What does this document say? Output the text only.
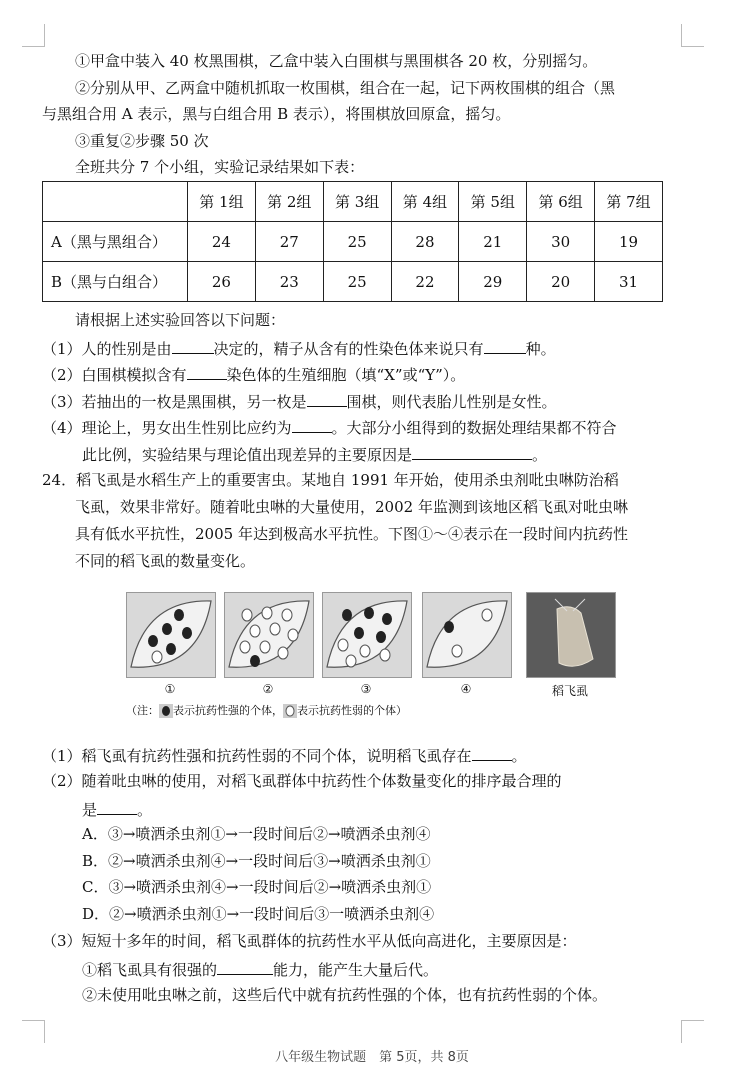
①甲盒中装入 40 枚黑围棋，乙盒中装入白围棋与黑围棋各 20 枚，分别摇匀。
②分别从甲、乙两盒中随机抓取一枚围棋，组合在一起，记下两枚围棋的组合（黑
与黑组合用 A 表示，黑与白组合用 B 表示），将围棋放回原盒，摇匀。
③重复②步骤 50 次
全班共分 7 个小组，实验记录结果如下表：
	第 1组	第 2组	第 3组	第 4组	第 5组	第 6组	第 7组
A（黑与黑组合）	24	27	25	28	21	30	19
B（黑与白组合）	26	23	25	22	29	20	31
请根据上述实验回答以下问题：
（1）人的性别是由	决定的，精子从含有的性染色体来说只有	种。
（2）白围棋模拟含有	染色体的生殖细胞（填“X”或“Y”）。
（3）若抽出的一枚是黑围棋，另一枚是	围棋，则代表胎儿性别是女性。
（4）理论上，男女出生性别比应约为	。大部分小组得到的数据处理结果都不符合
此比例，实验结果与理论值出现差异的主要原因是	。
24．稻飞虱是水稻生产上的重要害虫。某地自 1991 年开始，使用杀虫剂吡虫啉防治稻
飞虱，效果非常好。随着吡虫啉的大量使用，2002 年监测到该地区稻飞虱对吡虫啉
具有低水平抗性，2005 年达到极高水平抗性。下图①～④表示在一段时间内抗药性
不同的稻飞虱的数量变化。
①	②	③	④	稻飞虱
（注： 表示抗药性强的个体， 表示抗药性弱的个体）
（1）稻飞虱有抗药性强和抗药性弱的不同个体，说明稻飞虱存在	。
（2）随着吡虫啉的使用，对稻飞虱群体中抗药性个体数量变化的排序最合理的
是	。
A．③→喷洒杀虫剂①→一段时间后②→喷洒杀虫剂④
B．②→喷洒杀虫剂④→一段时间后③→喷洒杀虫剂①
C．③→喷洒杀虫剂④→一段时间后②→喷洒杀虫剂①
D．②→喷洒杀虫剂①→一段时间后③一喷洒杀虫剂④
（3）短短十多年的时间，稻飞虱群体的抗药性水平从低向高进化，主要原因是：
①稻飞虱具有很强的	能力，能产生大量后代。
②未使用吡虫啉之前，这些后代中就有抗药性强的个体，也有抗药性弱的个体。
八年级生物试题　第 5页，共 8页
